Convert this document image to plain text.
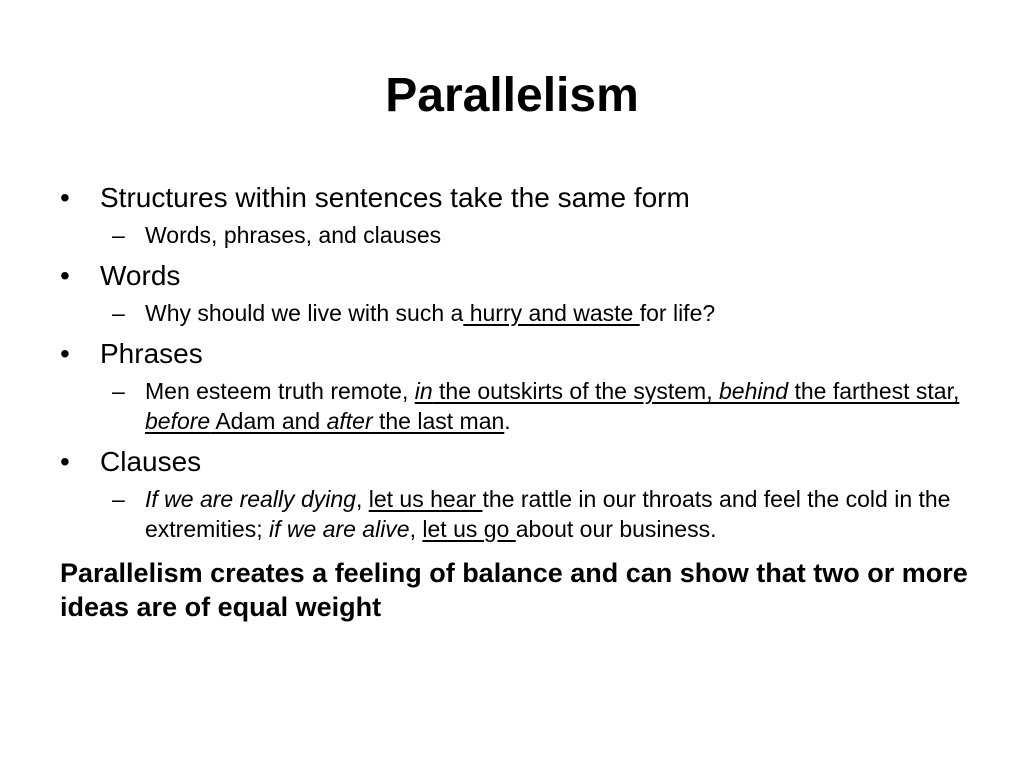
Parallelism
• Structures within sentences take the same form
– Words, phrases, and clauses
• Words
– Why should we live with such a hurry and waste for life?
• Phrases
– Men esteem truth remote, in the outskirts of the system, behind the farthest star, before Adam and after the last man.
• Clauses
– If we are really dying, let us hear the rattle in our throats and feel the cold in the extremities; if we are alive, let us go about our business.
Parallelism creates a feeling of balance and can show that two or more ideas are of equal weight
